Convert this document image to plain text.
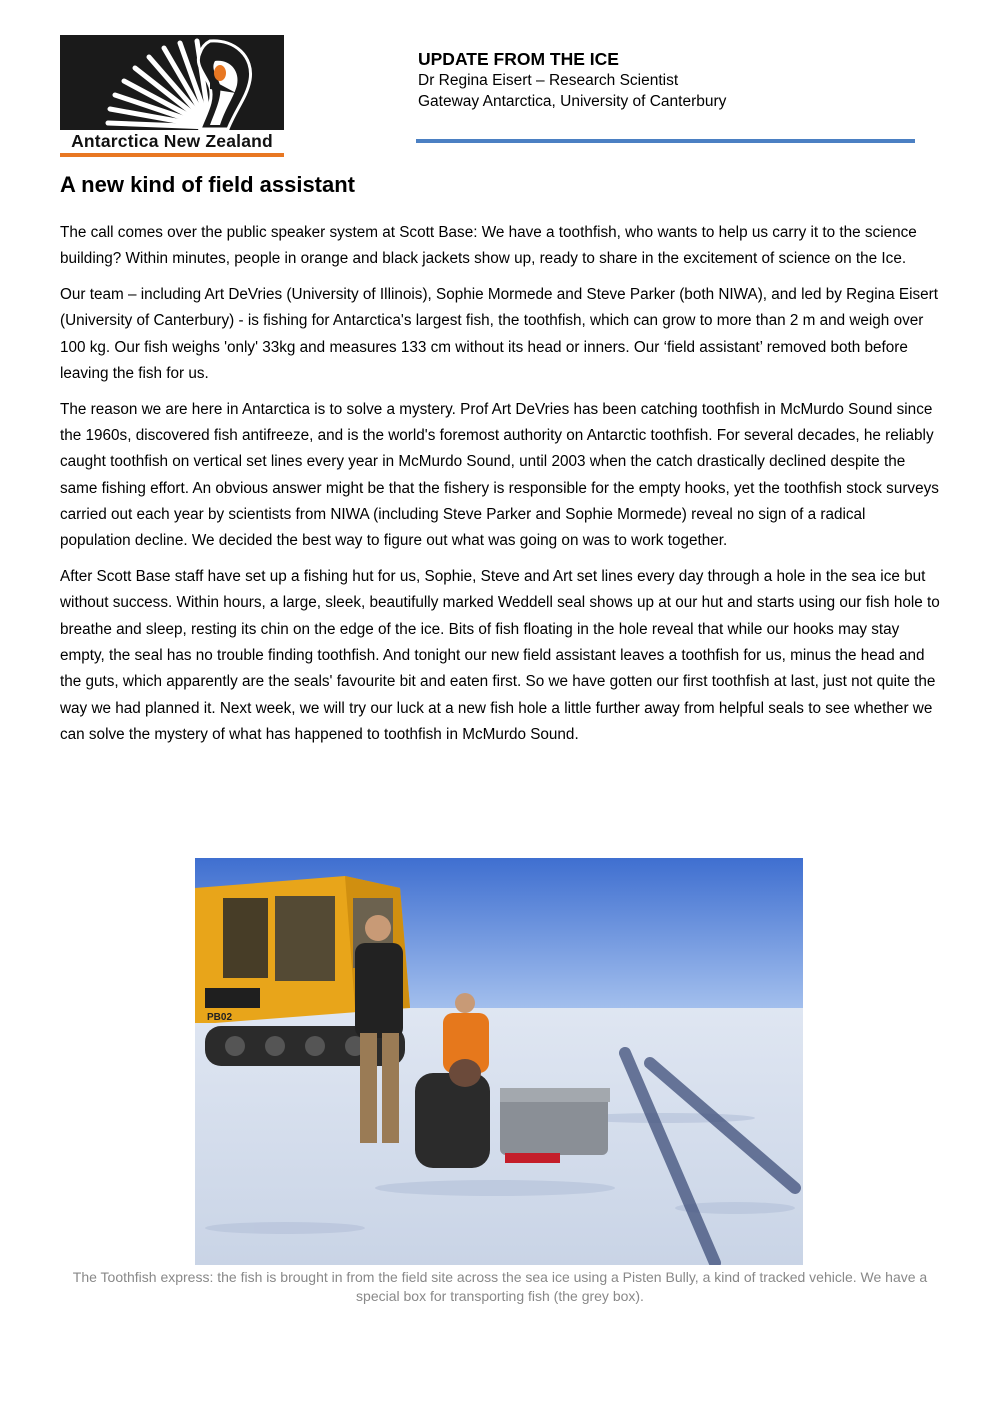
Antarctica New Zealand
UPDATE FROM THE ICE
Dr Regina Eisert – Research Scientist
Gateway Antarctica, University of Canterbury
A new kind of field assistant

The call comes over the public speaker system at Scott Base: We have a toothfish, who wants to help us carry it to the science building? Within minutes, people in orange and black jackets show up, ready to share in the excitement of science on the Ice.

Our team – including Art DeVries (University of Illinois), Sophie Mormede and Steve Parker (both NIWA), and led by Regina Eisert (University of Canterbury) - is fishing for Antarctica's largest fish, the toothfish, which can grow to more than 2 m and weigh over 100 kg. Our fish weighs 'only' 33kg and measures 133 cm without its head or inners. Our ‘field assistant’ removed both before leaving the fish for us.

The reason we are here in Antarctica is to solve a mystery. Prof Art DeVries has been catching toothfish in McMurdo Sound since the 1960s, discovered fish antifreeze, and is the world's foremost authority on Antarctic toothfish. For several decades, he reliably caught toothfish on vertical set lines every year in McMurdo Sound, until 2003 when the catch drastically declined despite the same fishing effort. An obvious answer might be that the fishery is responsible for the empty hooks, yet the toothfish stock surveys carried out each year by scientists from NIWA (including Steve Parker and Sophie Mormede) reveal no sign of a radical population decline. We decided the best way to figure out what was going on was to work together.

After Scott Base staff have set up a fishing hut for us, Sophie, Steve and Art set lines every day through a hole in the sea ice but without success. Within hours, a large, sleek, beautifully marked Weddell seal shows up at our hut and starts using our fish hole to breathe and sleep, resting its chin on the edge of the ice. Bits of fish floating in the hole reveal that while our hooks may stay empty, the seal has no trouble finding toothfish. And tonight our new field assistant leaves a toothfish for us, minus the head and the guts, which apparently are the seals' favourite bit and eaten first. So we have gotten our first toothfish at last, just not quite the way we had planned it. Next week, we will try our luck at a new fish hole a little further away from helpful seals to see whether we can solve the mystery of what has happened to toothfish in McMurdo Sound.

PB02
The Toothfish express: the fish is brought in from the field site across the sea ice using a Pisten Bully, a kind of tracked vehicle. We have a special box for transporting fish (the grey box).
